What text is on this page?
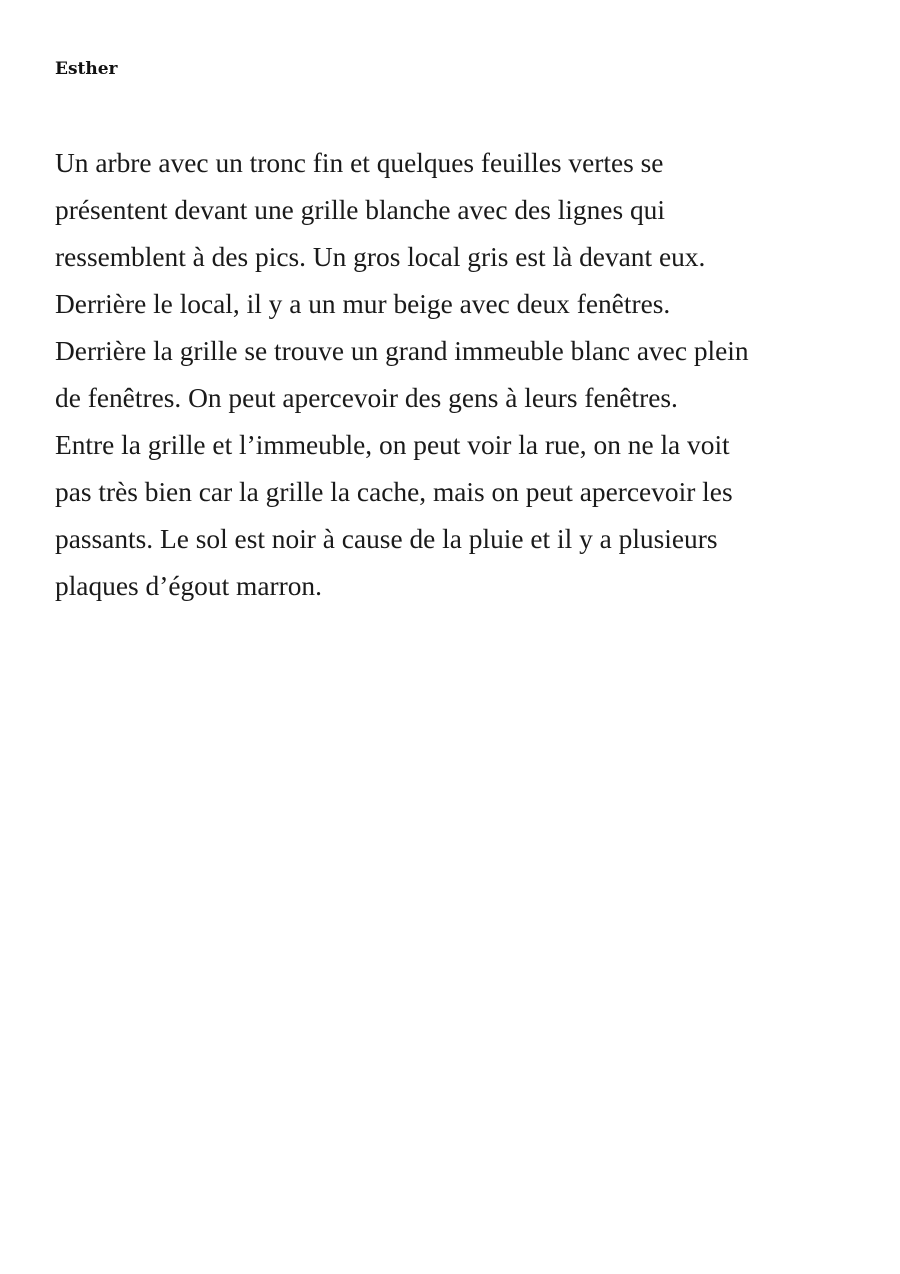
Esther
Un arbre avec un tronc fin et quelques feuilles vertes se
présentent devant une grille blanche avec des lignes qui
ressemblent à des pics. Un gros local gris est là devant eux.
Derrière le local, il y a un mur beige avec deux fenêtres.
Derrière la grille se trouve un grand immeuble blanc avec plein
de fenêtres. On peut apercevoir des gens à leurs fenêtres.
Entre la grille et l’immeuble, on peut voir la rue, on ne la voit
pas très bien car la grille la cache, mais on peut apercevoir les
passants. Le sol est noir à cause de la pluie et il y a plusieurs
plaques d’égout marron.
